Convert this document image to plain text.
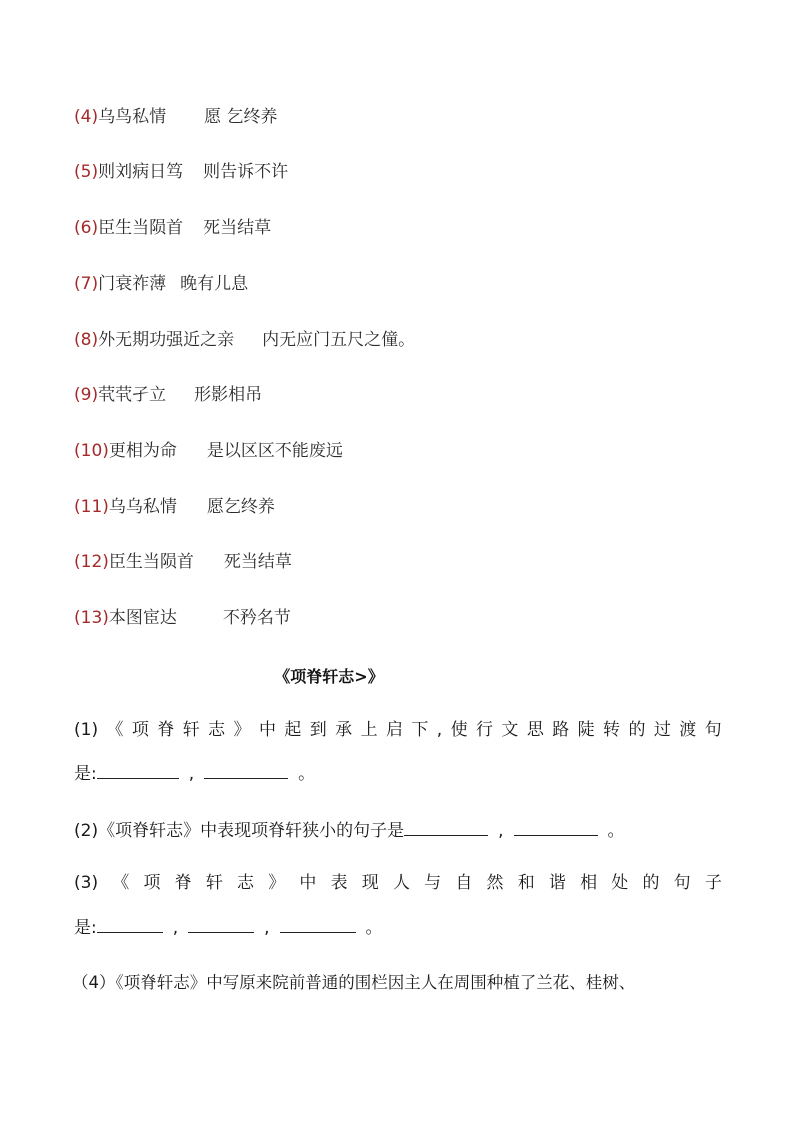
(4)乌鸟私情 愿 乞终养
(5)则刘病日笃 则告诉不许
(6)臣生当陨首 死当结草
(7)门衰祚薄 晚有儿息
(8)外无期功强近之亲 内无应门五尺之僮。
(9)茕茕孑立 形影相吊
(10)更相为命 是以区区不能废远
(11)乌乌私情 愿乞终养
(12)臣生当陨首 死当结草
(13)本图宦达	不矜名节
《项脊轩志>》
(1) 《 项 脊 轩 志 》 中 起 到 承 上 启 下 , 使 行 文 思 路 陡 转 的 过 渡 句
是:	,	。
(2)《项脊轩志》中表现项脊轩狭小的句子是	,	。
(3) 《 项 脊 轩 志 》 中 表 现 人 与 自 然 和 谐 相 处 的 句 子
是:	,	,	。
（4）《项脊轩志》中写原来院前普通的围栏因主人在周围种植了兰花、桂树、
